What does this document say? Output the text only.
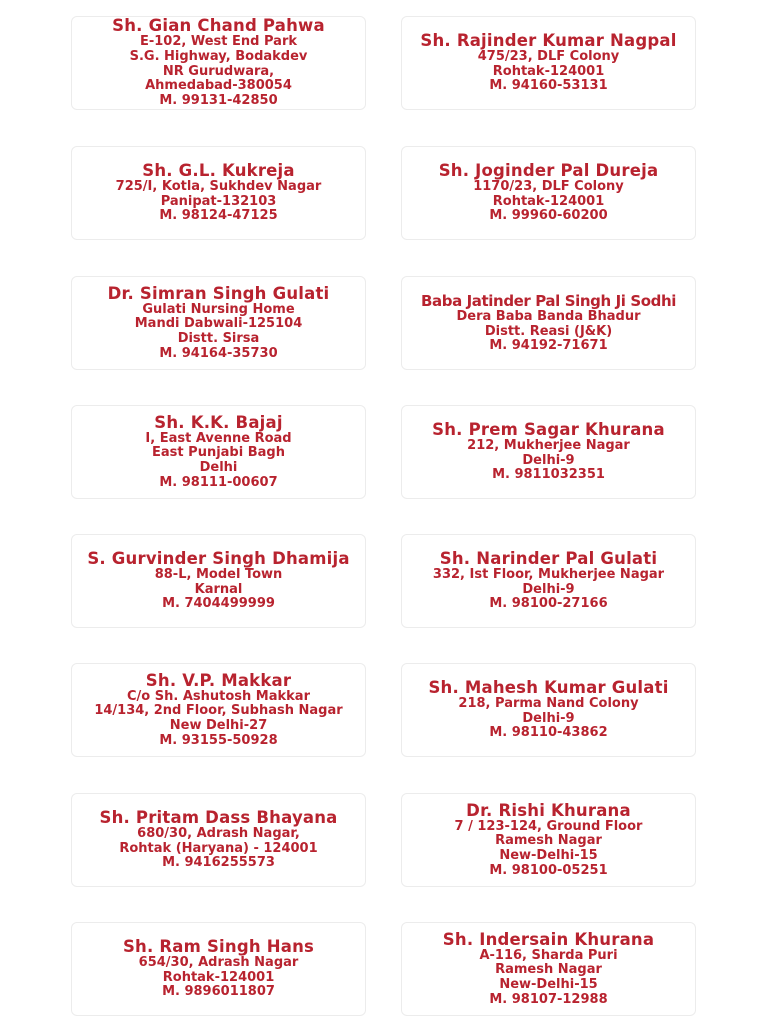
Sh. Gian Chand Pahwa
E-102, West End Park
S.G. Highway, Bodakdev
NR Gurudwara,
Ahmedabad-380054
M. 99131-42850
Sh. G.L. Kukreja
725/I, Kotla, Sukhdev Nagar
Panipat-132103
M. 98124-47125
Dr. Simran Singh Gulati
Gulati Nursing Home
Mandi Dabwali-125104
Distt. Sirsa
M. 94164-35730
Sh. K.K. Bajaj
I, East Avenne Road
East Punjabi Bagh
Delhi
M. 98111-00607
S. Gurvinder Singh Dhamija
88-L, Model Town
Karnal
M. 7404499999
Sh. V.P. Makkar
C/o Sh. Ashutosh Makkar
14/134, 2nd Floor, Subhash Nagar
New Delhi-27
M. 93155-50928
Sh. Pritam Dass Bhayana
680/30, Adrash Nagar,
Rohtak (Haryana) - 124001
M. 9416255573
Sh. Ram Singh Hans
654/30, Adrash Nagar
Rohtak-124001
M. 9896011807
Sh. Rajinder Kumar Nagpal
475/23, DLF Colony
Rohtak-124001
M. 94160-53131
Sh. Joginder Pal Dureja
1170/23, DLF Colony
Rohtak-124001
M. 99960-60200
Baba Jatinder Pal Singh Ji Sodhi
Dera Baba Banda Bhadur
Distt. Reasi (J&K)
M. 94192-71671
Sh. Prem Sagar Khurana
212, Mukherjee Nagar
Delhi-9
M. 9811032351
Sh. Narinder Pal Gulati
332, Ist Floor, Mukherjee Nagar
Delhi-9
M. 98100-27166
Sh. Mahesh Kumar Gulati
218, Parma Nand Colony
Delhi-9
M. 98110-43862
Dr. Rishi Khurana
7 / 123-124, Ground Floor
Ramesh Nagar
New-Delhi-15
M. 98100-05251
Sh. Indersain Khurana
A-116, Sharda Puri
Ramesh Nagar
New-Delhi-15
M. 98107-12988
